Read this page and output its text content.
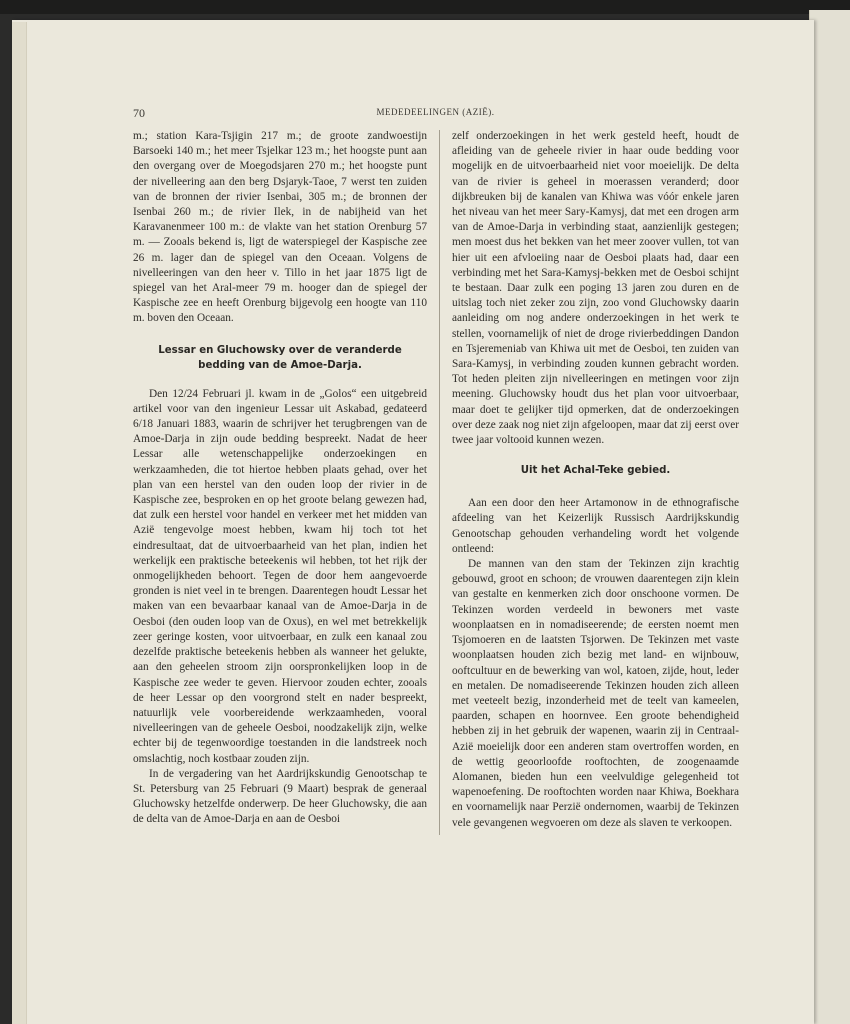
70	MEDEDEELINGEN (AZIË).

m.; station Kara-Tsjigin 217 m.; de groote zandwoestijn Barsoeki 140 m.; het meer Tsjelkar 123 m.; het hoogste punt aan den overgang over de Moegodsjaren 270 m.; het hoogste punt der nivelleering aan den berg Dsjaryk-Taoe, 7 werst ten zuiden van de bronnen der rivier Isenbai, 305 m.; de bronnen der Isenbai 260 m.; de rivier Ilek, in de nabijheid van het Karavanenmeer 100 m.: de vlakte van het station Orenburg 57 m. — Zooals bekend is, ligt de waterspiegel der Kaspische zee 26 m. lager dan de spiegel van den Oceaan. Volgens de nivelleeringen van den heer v. Tillo in het jaar 1875 ligt de spiegel van het Aral-meer 79 m. hooger dan de spiegel der Kaspische zee en heeft Orenburg bijgevolg een hoogte van 110 m. boven den Oceaan.

Lessar en Gluchowsky over de veranderde bedding van de Amoe-Darja.

Den 12/24 Februari jl. kwam in de „Golos“ een uitgebreid artikel voor van den ingenieur Lessar uit Askabad, gedateerd 6/18 Januari 1883, waarin de schrijver het terugbrengen van de Amoe-Darja in zijn oude bedding bespreekt. Nadat de heer Lessar alle wetenschappelijke onderzoekingen en werkzaamheden, die tot hiertoe hebben plaats gehad, over het plan van een herstel van den ouden loop der rivier in de Kaspische zee, besproken en op het groote belang gewezen had, dat zulk een herstel voor handel en verkeer met het midden van Azië tengevolge moest hebben, kwam hij toch tot het eindresultaat, dat de uitvoerbaarheid van het plan, indien het werkelijk een praktische beteekenis wil hebben, tot het rijk der onmogelijkheden behoort. Tegen de door hem aangevoerde gronden is niet veel in te brengen. Daarentegen houdt Lessar het maken van een bevaarbaar kanaal van de Amoe-Darja in de Oesboi (den ouden loop van de Oxus), en wel met betrekkelijk zeer geringe kosten, voor uitvoerbaar, en zulk een kanaal zou dezelfde praktische beteekenis hebben als wanneer het gelukte, aan den geheelen stroom zijn oorspronkelijken loop in de Kaspische zee weder te geven. Hiervoor zouden echter, zooals de heer Lessar op den voorgrond stelt en nader bespreekt, natuurlijk vele voorbereidende werkzaamheden, vooral nivelleeringen van de geheele Oesboi, noodzakelijk zijn, welke echter bij de tegenwoordige toestanden in die landstreek noch omslachtig, noch kostbaar zouden zijn.

In de vergadering van het Aardrijkskundig Genootschap te St. Petersburg van 25 Februari (9 Maart) besprak de generaal Gluchowsky hetzelfde onderwerp. De heer Gluchowsky, die aan de delta van de Amoe-Darja en aan de Oesboi

zelf onderzoekingen in het werk gesteld heeft, houdt de afleiding van de geheele rivier in haar oude bedding voor mogelijk en de uitvoerbaarheid niet voor moeielijk. De delta van de rivier is geheel in moerassen veranderd; door dijkbreuken bij de kanalen van Khiwa was vóór enkele jaren het niveau van het meer Sary-Kamysj, dat met een drogen arm van de Amoe-Darja in verbinding staat, aanzienlijk gestegen; men moest dus het bekken van het meer zoover vullen, tot van hier uit een afvloeiing naar de Oesboi plaats had, daar een verbinding met het Sara-Kamysj-bekken met de Oesboi schijnt te bestaan. Daar zulk een poging 13 jaren zou duren en de uitslag toch niet zeker zou zijn, zoo vond Gluchowsky daarin aanleiding om nog andere onderzoekingen in het werk te stellen, voornamelijk of niet de droge rivierbeddingen Dandon en Tsjeremeniab van Khiwa uit met de Oesboi, ten zuiden van Sara-Kamysj, in verbinding zouden kunnen gebracht worden. Tot heden pleiten zijn nivelleeringen en metingen voor zijn meening. Gluchowsky houdt dus het plan voor uitvoerbaar, maar doet te gelijker tijd opmerken, dat de onderzoekingen over deze zaak nog niet zijn afgeloopen, maar dat zij eerst over twee jaar voltooid kunnen wezen.

Uit het Achal-Teke gebied.

Aan een door den heer Artamonow in de ethnografische afdeeling van het Keizerlijk Russisch Aardrijkskundig Genootschap gehouden verhandeling wordt het volgende ontleend:

De mannen van den stam der Tekinzen zijn krachtig gebouwd, groot en schoon; de vrouwen daarentegen zijn klein van gestalte en kenmerken zich door onschoone vormen. De Tekinzen worden verdeeld in bewoners met vaste woonplaatsen en in nomadiseerende; de eersten noemt men Tsjomoeren en de laatsten Tsjorwen. De Tekinzen met vaste woonplaatsen houden zich bezig met land- en wijnbouw, ooftcultuur en de bewerking van wol, katoen, zijde, hout, leder en metalen. De nomadiseerende Tekinzen houden zich alleen met veeteelt bezig, inzonderheid met de teelt van kameelen, paarden, schapen en hoornvee. Een groote behendigheid hebben zij in het gebruik der wapenen, waarin zij in Centraal-Azië moeielijk door een anderen stam overtroffen worden, en de wettig geoorloofde rooftochten, de zoogenaamde Alomanen, bieden hun een veelvuldige gelegenheid tot wapenoefening. De rooftochten worden naar Khiwa, Boekhara en voornamelijk naar Perzië ondernomen, waarbij de Tekinzen vele gevangenen wegvoeren om deze als slaven te verkoopen.
